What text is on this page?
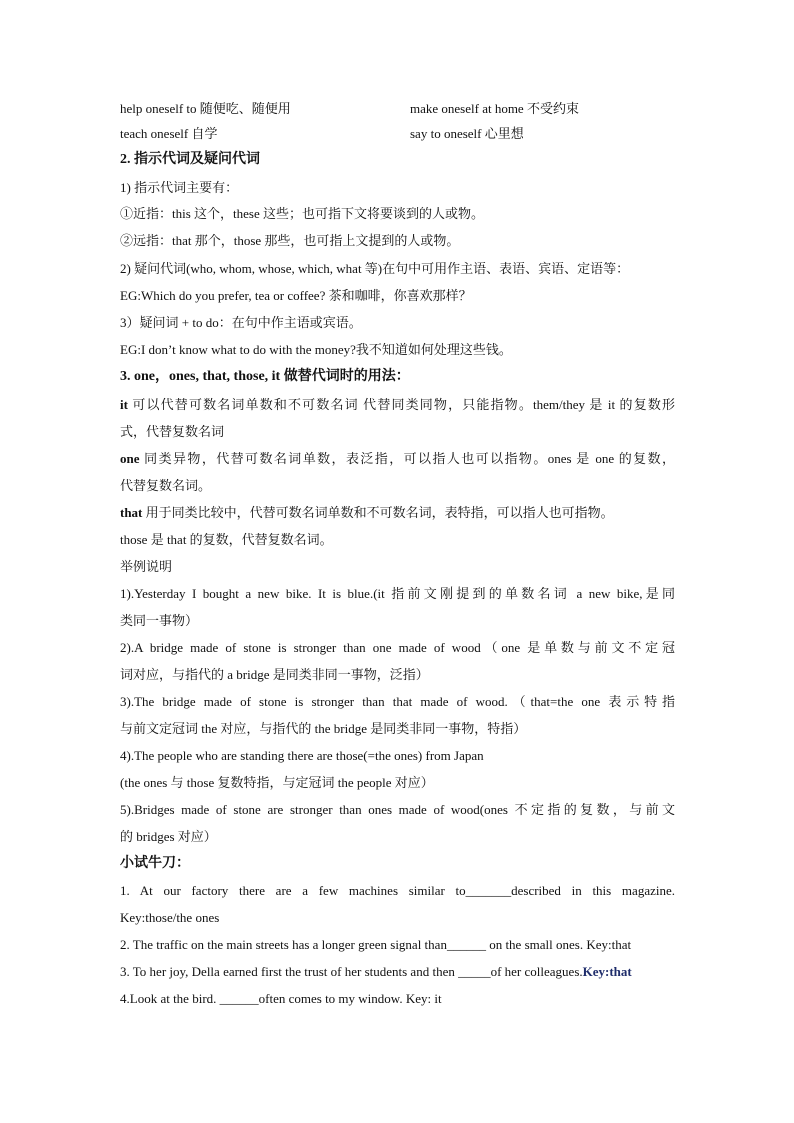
help oneself to 随便吃、随便用	make oneself at home 不受约束
teach oneself 自学	say to oneself 心里想
2. 指示代词及疑问代词
1) 指示代词主要有：
①近指：this 这个，these 这些；也可指下文将要谈到的人或物。
②远指：that 那个，those 那些，也可指上文提到的人或物。
2) 疑问代词(who, whom, whose, which, what 等)在句中可用作主语、表语、宾语、定语等：
EG:Which do you prefer, tea or coffee? 茶和咖啡，你喜欢那样？
3）疑问词 + to do：在句中作主语或宾语。
EG:I don’t know what to do with the money?我不知道如何处理这些钱。
3. one，ones, that, those, it 做替代词时的用法：
it 可以代替可数名词单数和不可数名词 代替同类同物，只能指物。them/they 是 it 的复数形
式，代替复数名词
one 同类异物，代替可数名词单数，表泛指，可以指人也可以指物。ones 是 one 的复数，
代替复数名词。
that 用于同类比较中，代替可数名词单数和不可数名词，表特指，可以指人也可指物。
those 是 that 的复数，代替复数名词。
举例说明
1).Yesterday I bought a new bike. It is blue.(it 指前文刚提到的单数名词 a new bike,是同
类同一事物）
2).A bridge made of stone is stronger than one made of wood（one 是单数与前文不定冠
词对应，与指代的 a bridge 是同类非同一事物，泛指）
3).The bridge made of stone is stronger than that made of wood.（that=the one 表示特指
与前文定冠词 the 对应，与指代的 the bridge 是同类非同一事物，特指）
4).The people who are standing there are those(=the ones) from Japan
(the ones 与 those 复数特指，与定冠词 the people 对应）
5).Bridges made of stone are stronger than ones made of wood(ones 不定指的复数，与前文
的 bridges 对应）
小试牛刀：
1. At our factory there are a few machines similar to_______described in this magazine.
Key:those/the ones
2. The traffic on the main streets has a longer green signal than______ on the small ones. Key:that
3. To her joy, Della earned first the trust of her students and then _____of her colleagues.Key:that
4.Look at the bird. ______often comes to my window. Key: it
